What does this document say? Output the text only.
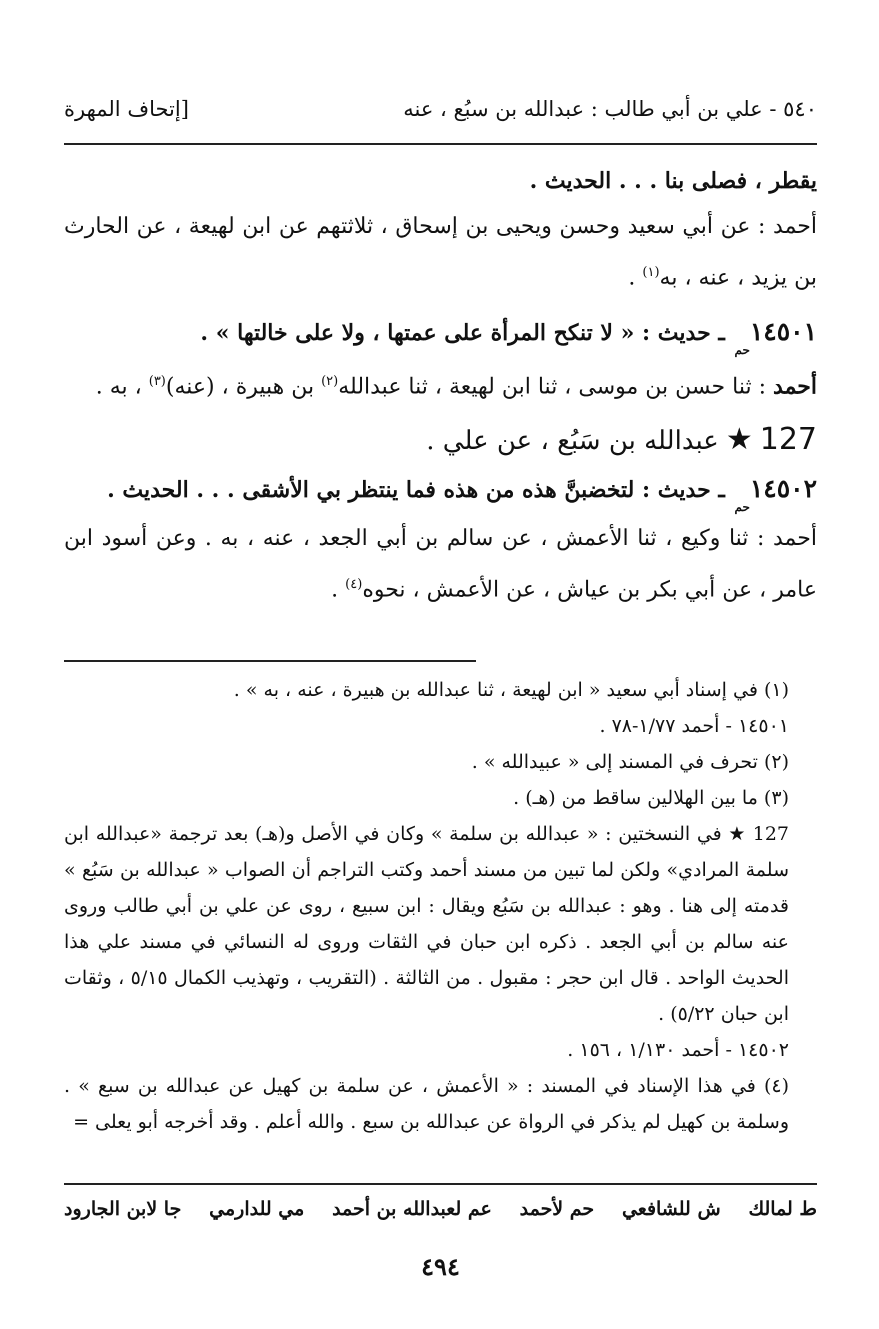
٥٤٠ - علي بن أبي طالب : عبدالله بن سبُع ، عنه
[إتحاف المهرة

يقطر ، فصلى بنا . . . الحديث .

أحمد : عن أبي سعيد وحسن ويحيى بن إسحاق ، ثلاثتهم عن ابن لهيعة ، عن الحارث بن يزيد ، عنه ، به$^{(١)}$ .

١٤٥٠١حم ـ حديث : « لا تنكح المرأة على عمتها ، ولا على خالتها » .

أحمد : ثنا حسن بن موسى ، ثنا ابن لهيعة ، ثنا عبدالله$^{(٢)}$ بن هبيرة ، (عنه)$^{(٣)}$ ، به .

127 ★ عبدالله بن سَبُع ، عن علي .

١٤٥٠٢حم ـ حديث : لتخضبنَّ هذه من هذه فما ينتظر بي الأشقى . . . الحديث .

أحمد : ثنا وكيع ، ثنا الأعمش ، عن سالم بن أبي الجعد ، عنه ، به . وعن أسود ابن عامر ، عن أبي بكر بن عياش ، عن الأعمش ، نحوه$^{(٤)}$ .

(١) في إسناد أبي سعيد « ابن لهيعة ، ثنا عبدالله بن هبيرة ، عنه ، به » .

١٤٥٠١ - أحمد ١/٧٧-٧٨ .

(٢) تحرف في المسند إلى « عبيدالله » .

(٣) ما بين الهلالين ساقط من (هـ) .

127 ★ في النسختين : « عبدالله بن سلمة » وكان في الأصل و(هـ) بعد ترجمة «عبدالله ابن سلمة المرادي» ولكن لما تبين من مسند أحمد وكتب التراجم أن الصواب « عبدالله بن سَبُع » قدمته إلى هنا . وهو : عبدالله بن سَبُع ويقال : ابن سبيع ، روى عن علي بن أبي طالب وروى عنه سالم بن أبي الجعد . ذكره ابن حبان في الثقات وروى له النسائي في مسند علي هذا الحديث الواحد . قال ابن حجر : مقبول . من الثالثة . (التقريب ، وتهذيب الكمال ٥/١٥ ، وثقات ابن حبان ٥/٢٢) .

١٤٥٠٢ - أحمد ١/١٣٠ ، ١٥٦ .

(٤) في هذا الإسناد في المسند : « الأعمش ، عن سلمة بن كهيل عن عبدالله بن سبع » . وسلمة بن كهيل لم يذكر في الرواة عن عبدالله بن سبع . والله أعلم . وقد أخرجه أبو يعلى =

ط لمالك
ش للشافعي
حم لأحمد
عم لعبدالله بن أحمد
مي للدارمي
جا لابن الجارود
٤٩٤
